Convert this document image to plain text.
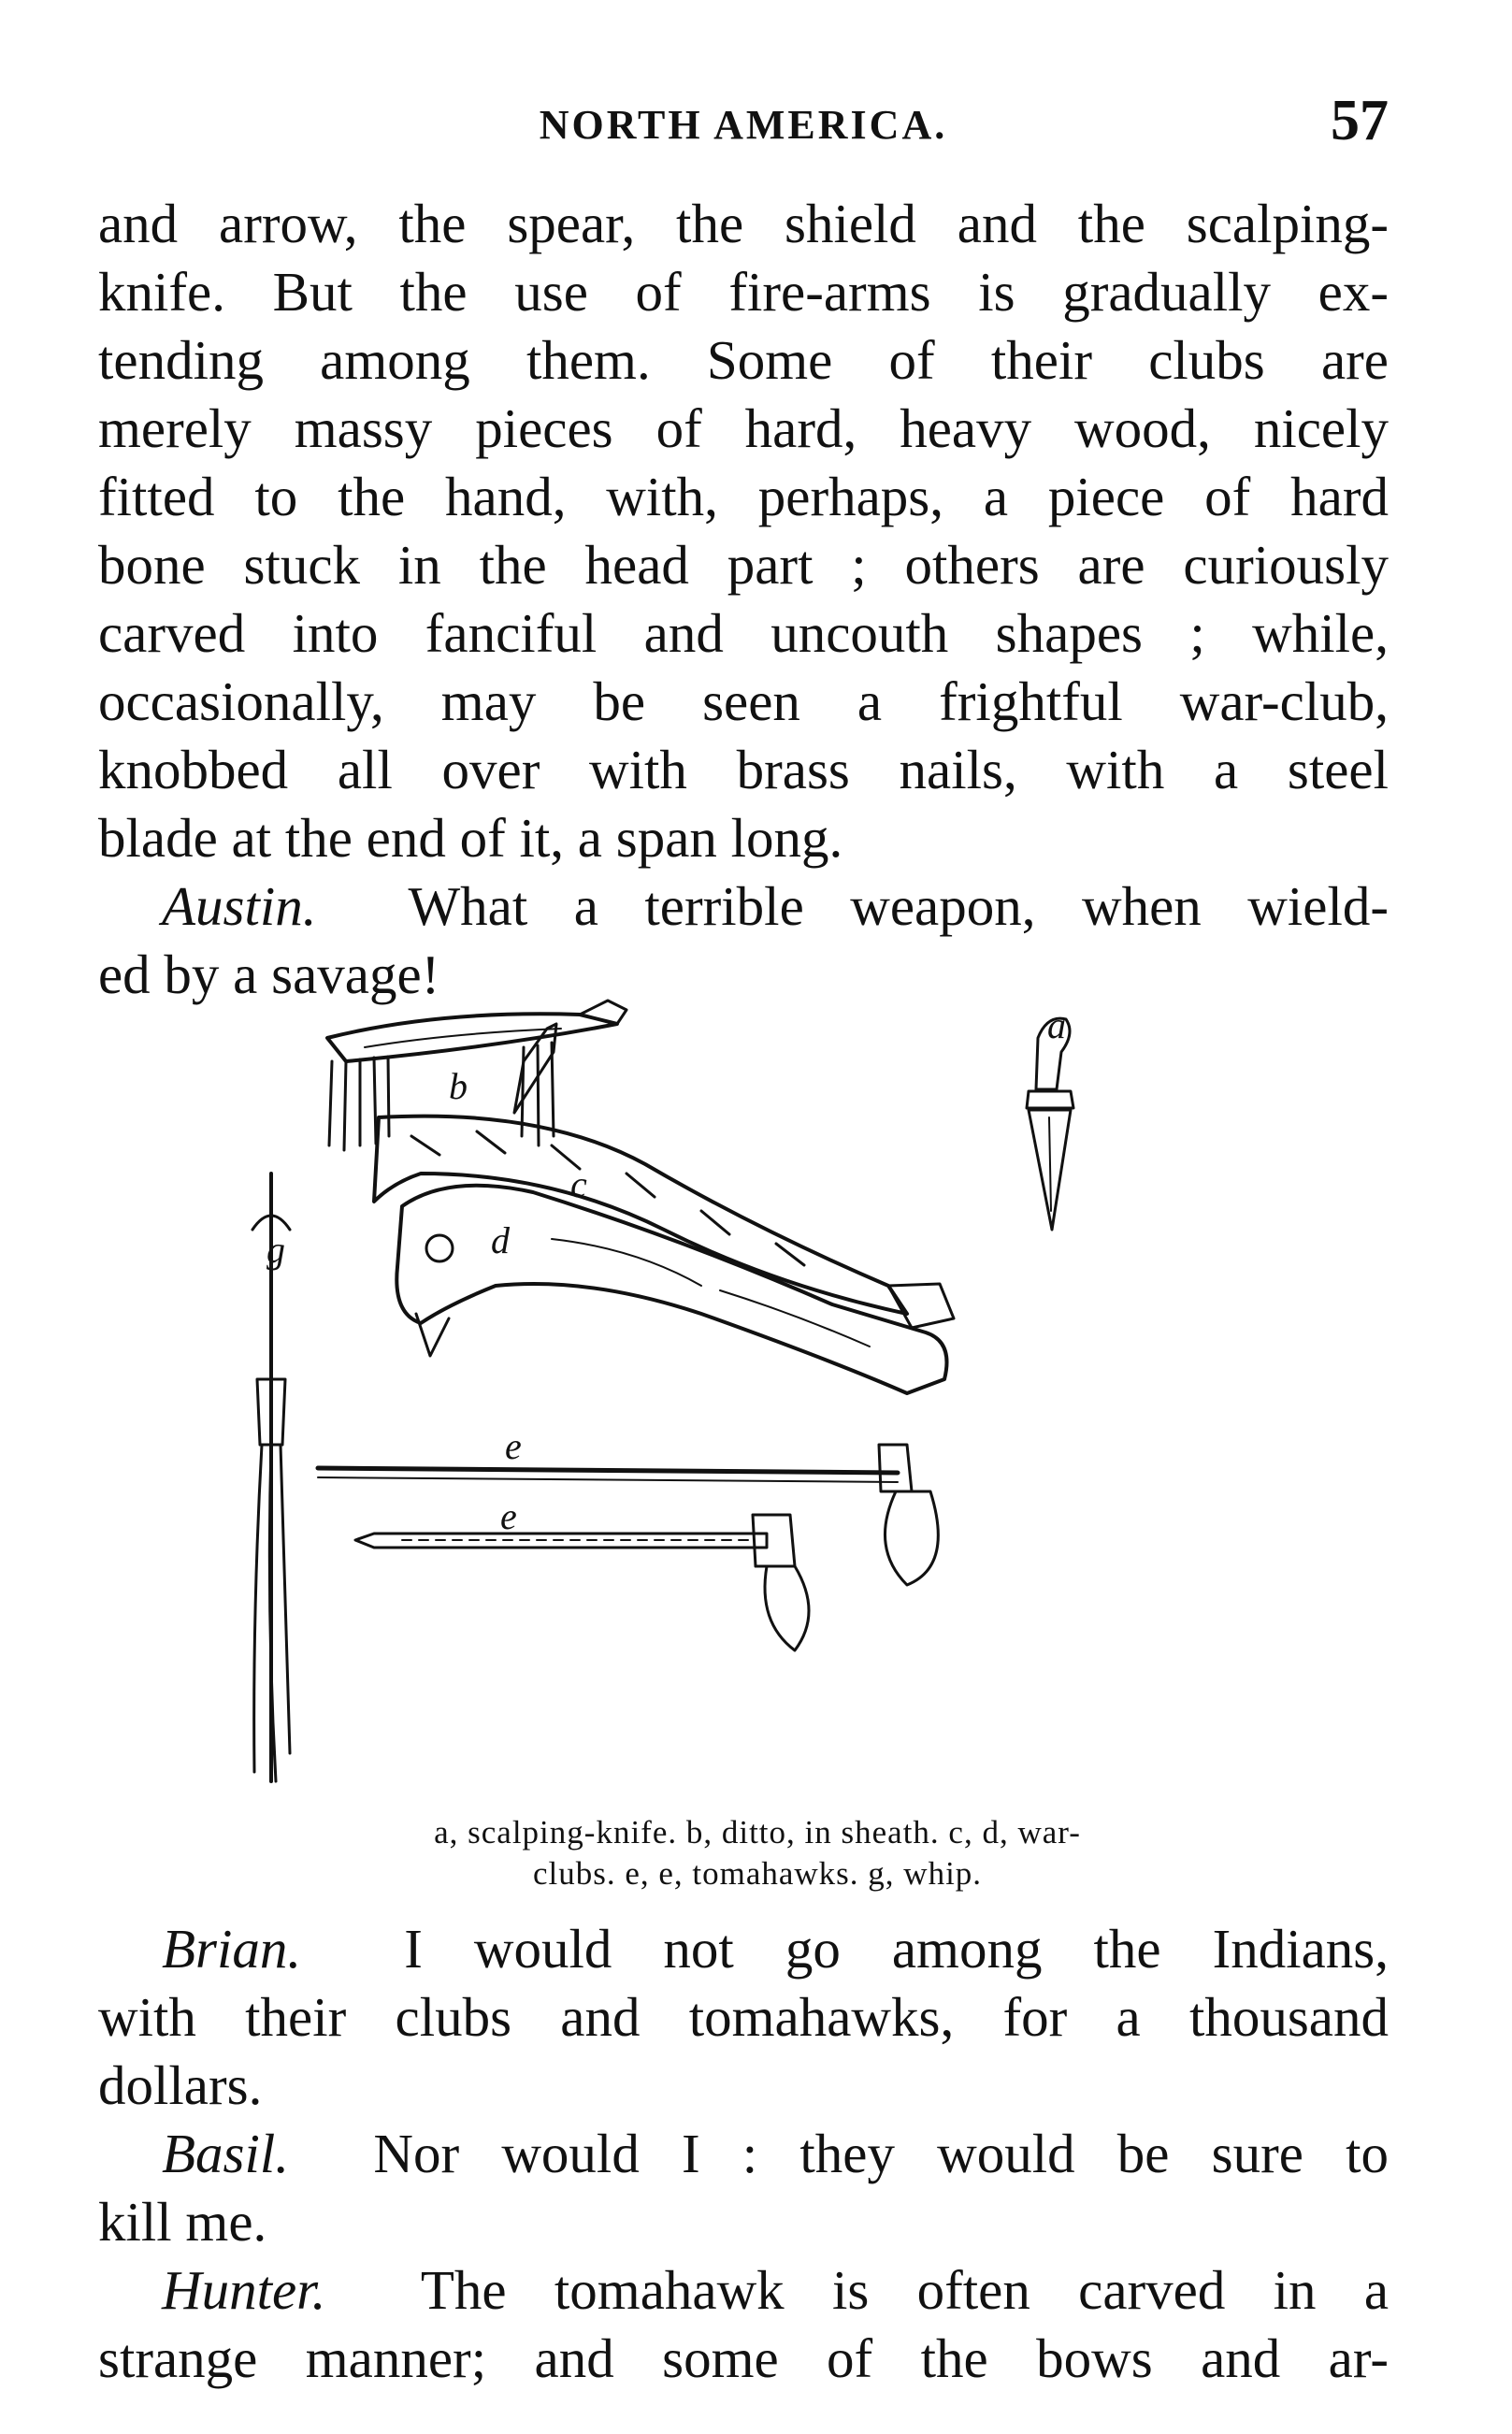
NORTH AMERICA.	57
and arrow, the spear, the shield and the scalping-
knife. But the use of fire-arms is gradually ex-
tending among them. Some of their clubs are
merely massy pieces of hard, heavy wood, nicely
fitted to the hand, with, perhaps, a piece of hard
bone stuck in the head part ; others are curiously
carved into fanciful and uncouth shapes ; while,
occasionally, may be seen a frightful war-club,
knobbed all over with brass nails, with a steel
blade at the end of it, a span long.
Austin. What a terrible weapon, when wield-
ed by a savage!
b
a
c
d
g
e
e
a, scalping-knife. b, ditto, in sheath. c, d, war-
clubs. e, e, tomahawks. g, whip.
Brian. I would not go among the Indians,
with their clubs and tomahawks, for a thousand
dollars.
Basil. Nor would I : they would be sure to
kill me.
Hunter. The tomahawk is often carved in a
strange manner; and some of the bows and ar-
